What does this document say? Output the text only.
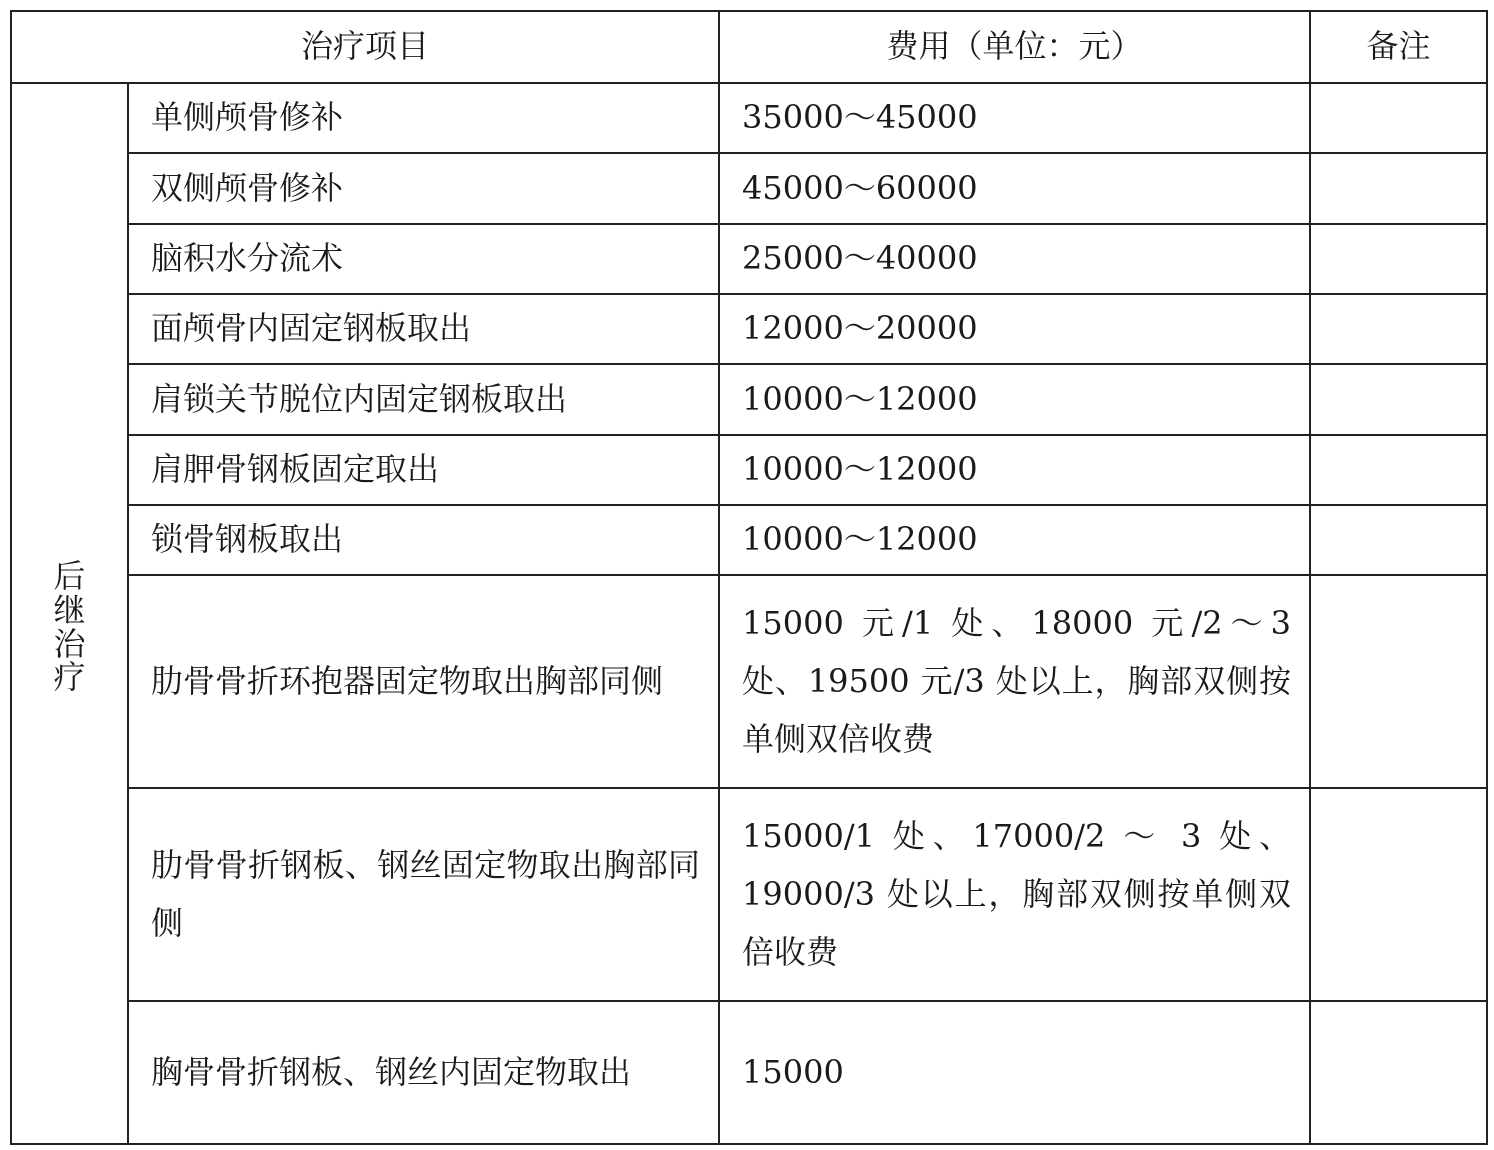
治疗项目		费用（单位：元）	备注
后继治疗	单侧颅骨修补	35000～45000	
	双侧颅骨修补	45000～60000	
	脑积水分流术	25000～40000	
	面颅骨内固定钢板取出	12000～20000	
	肩锁关节脱位内固定钢板取出	10000～12000	
	肩胛骨钢板固定取出	10000～12000	
	锁骨钢板取出	10000～12000	
	肋骨骨折环抱器固定物取出胸部同侧	15000 元/1 处、18000 元/2～3 处、19500 元/3 处以上，胸部双侧按单侧双倍收费	
	肋骨骨折钢板、钢丝固定物取出胸部同侧	15000/1 处、17000/2 ～ 3 处、19000/3 处以上，胸部双侧按单侧双倍收费	
	胸骨骨折钢板、钢丝内固定物取出	15000	
